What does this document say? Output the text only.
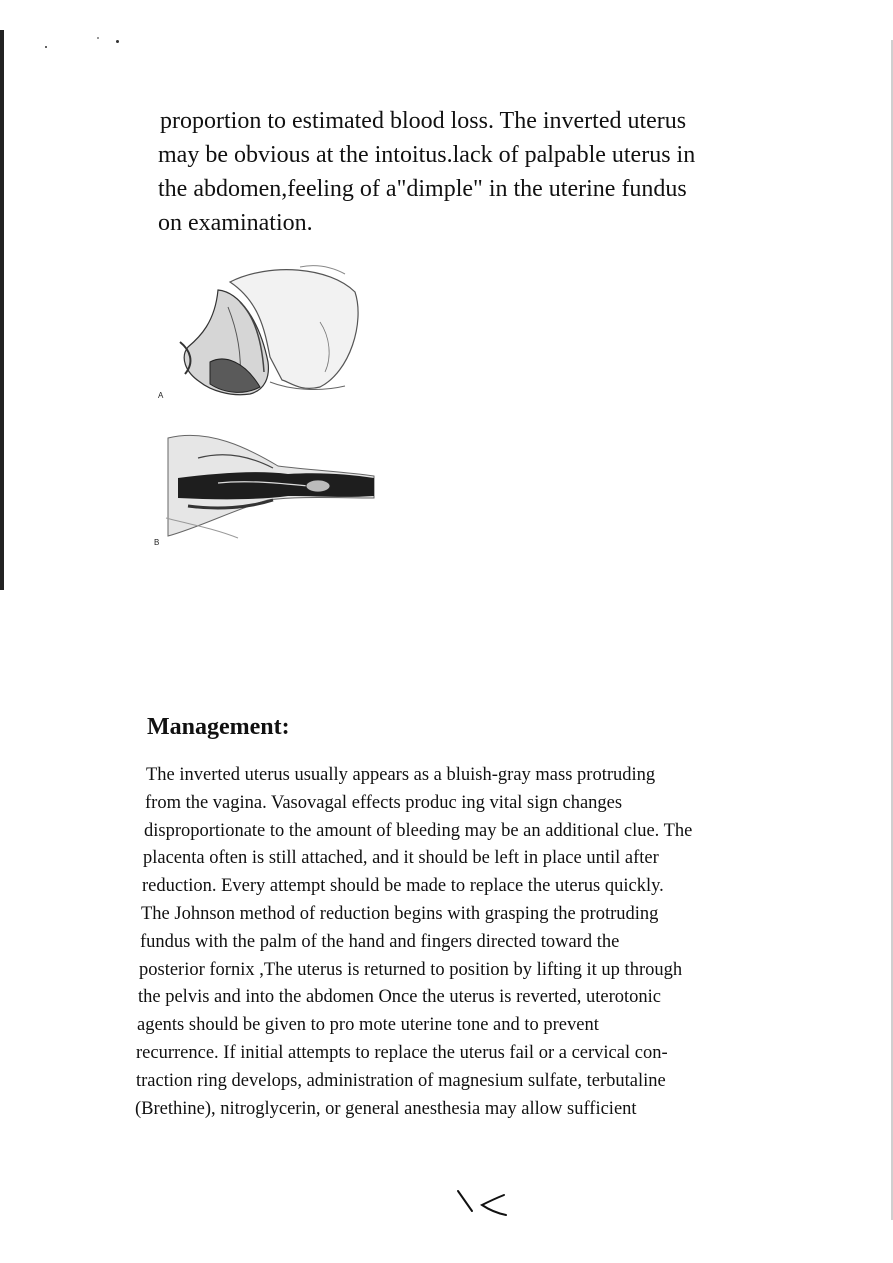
proportion to estimated blood loss. The inverted uterus
may be obvious at the intoitus.lack of palpable uterus in
the abdomen,feeling of a"dimple" in the uterine fundus
on examination.

A
B
Management:

The inverted uterus usually appears as a bluish-gray mass protruding
from the vagina. Vasovagal effects produc ing vital sign changes
disproportionate to the amount of bleeding may be an additional clue. The
placenta often is still attached, and it should be left in place until after
reduction. Every attempt should be made to replace the uterus quickly.
The Johnson method of reduction begins with grasping the protruding
fundus with the palm of the hand and fingers directed toward the
posterior fornix ,The uterus is returned to position by lifting it up through
the pelvis and into the abdomen Once the uterus is reverted, uterotonic
agents should be given to pro mote uterine tone and to prevent
recurrence. If initial attempts to replace the uterus fail or a cervical con-
traction ring develops, administration of magnesium sulfate, terbutaline
(Brethine), nitroglycerin, or general anesthesia may allow sufficient
